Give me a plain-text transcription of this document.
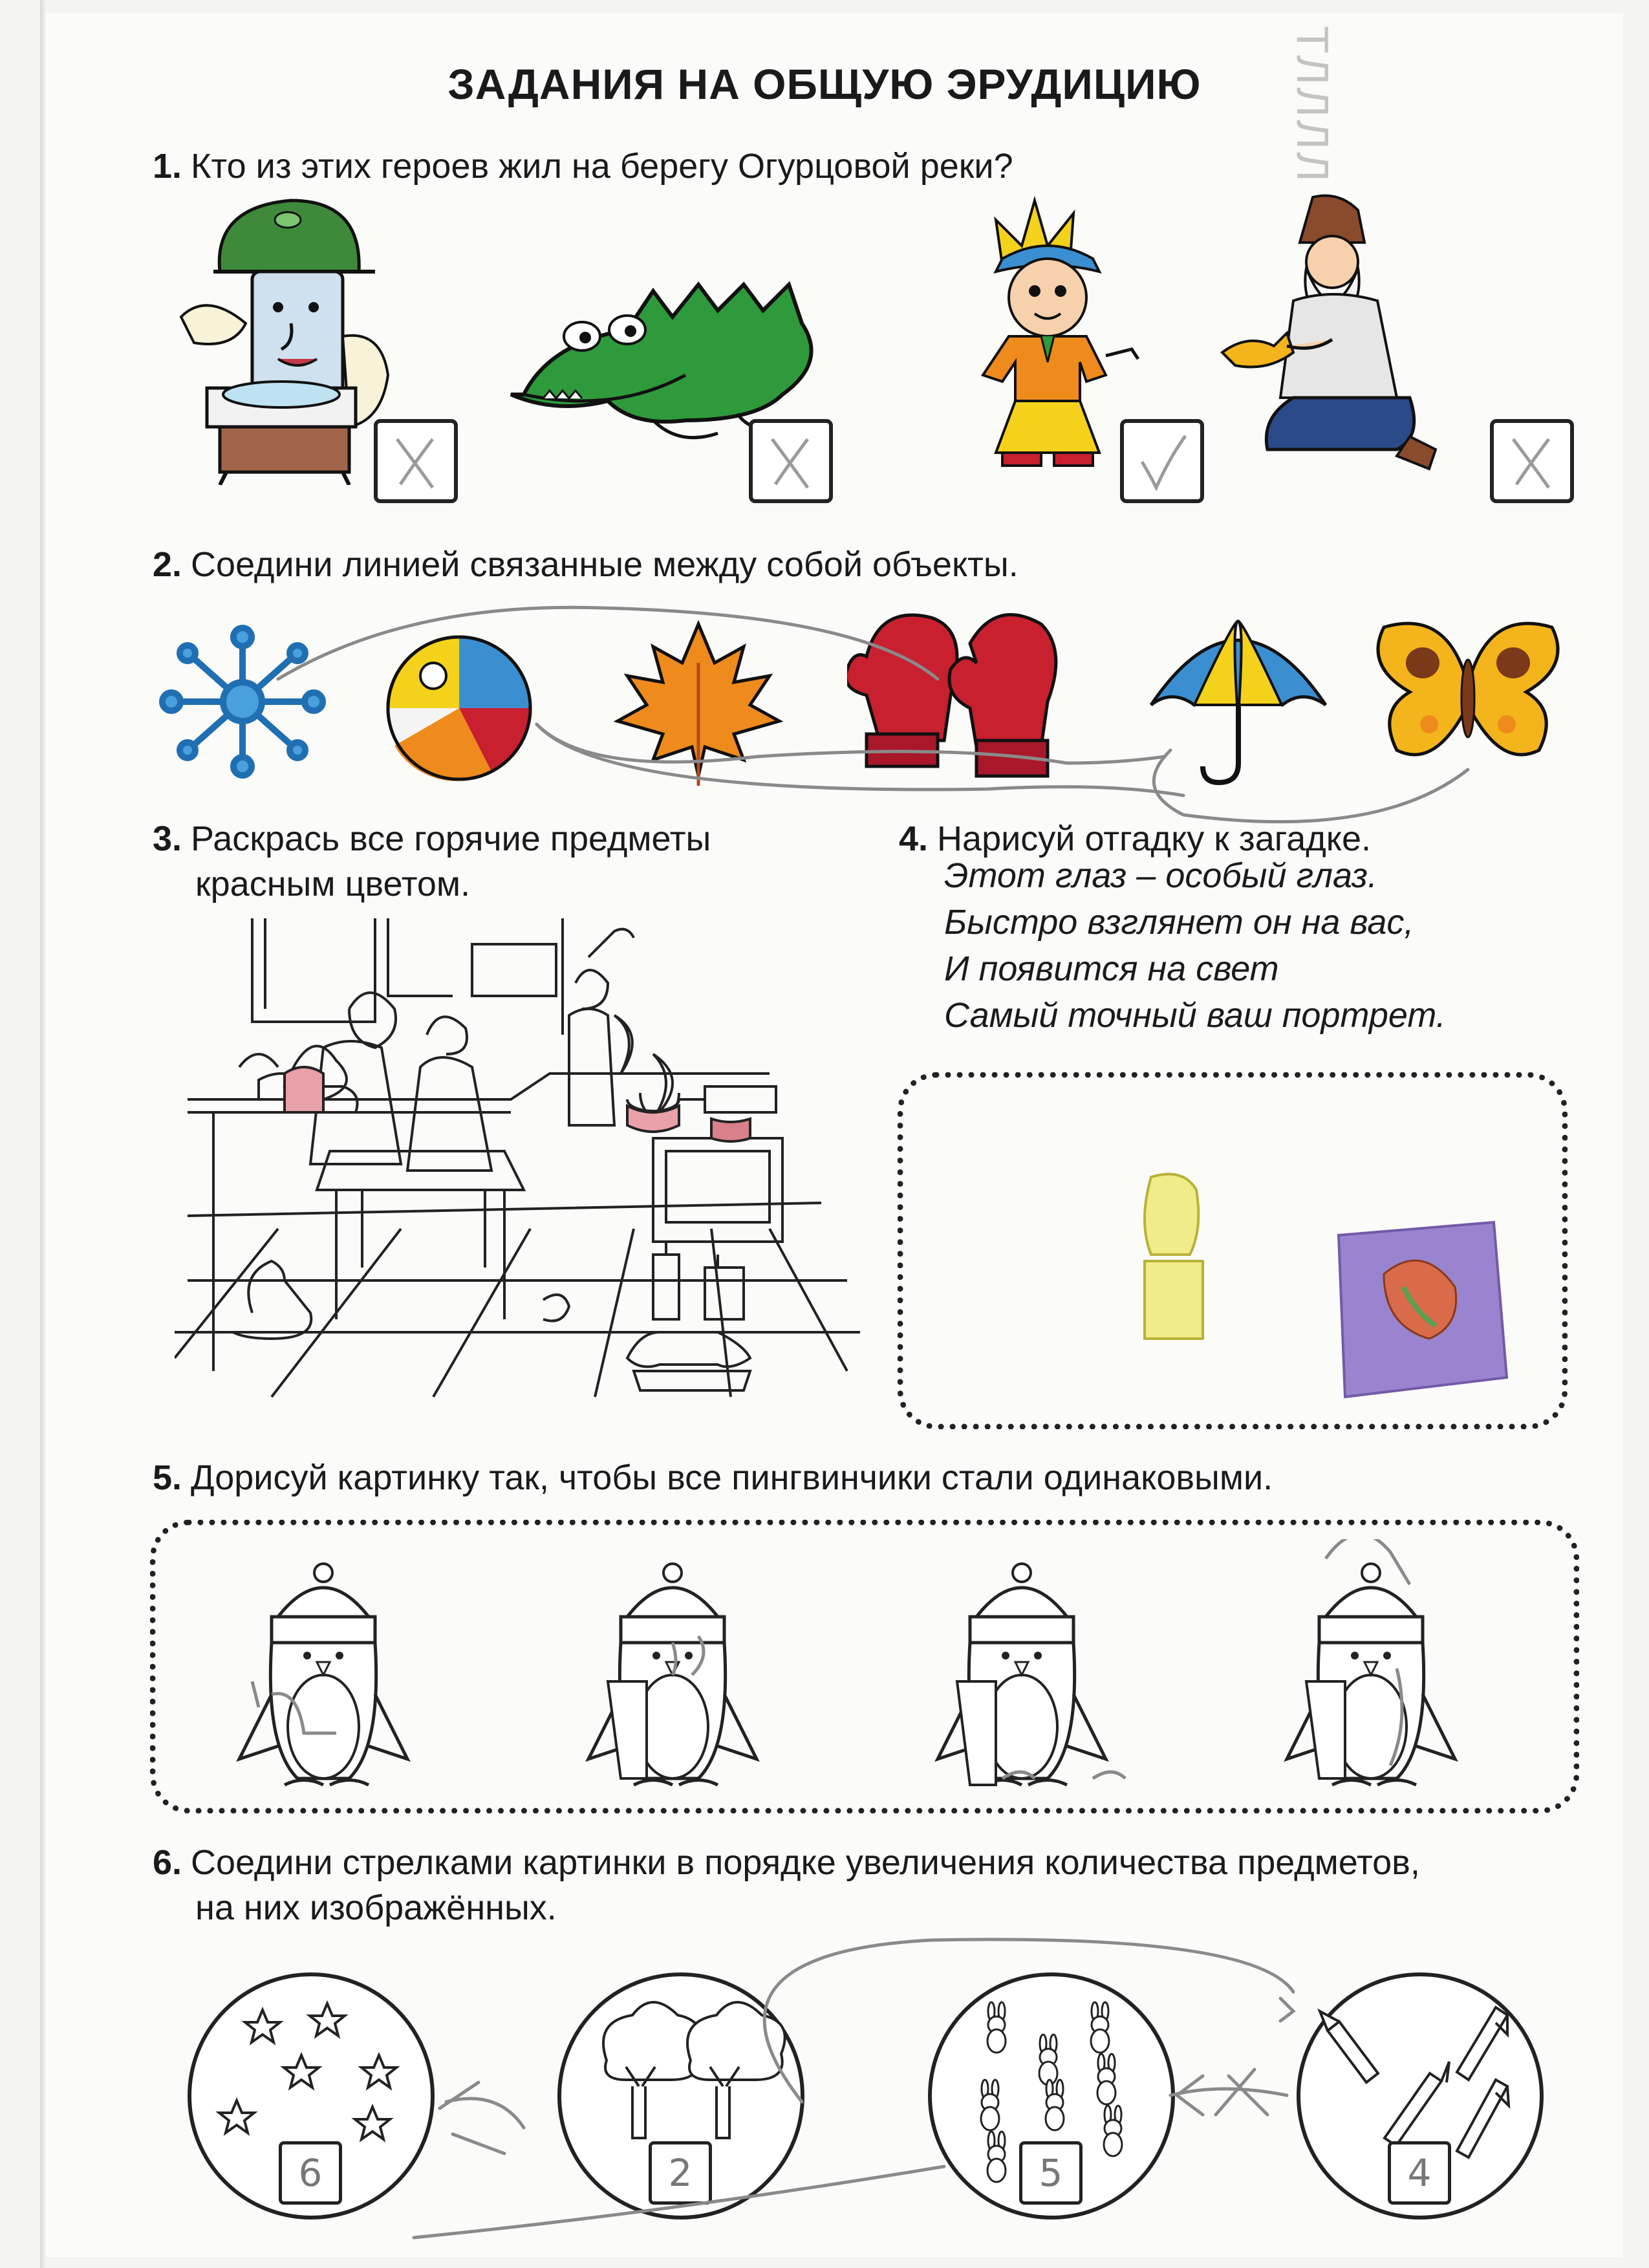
ТЛЛЛЛ
ЗАДАНИЯ НА ОБЩУЮ ЭРУДИЦИЮ
1. Кто из этих героев жил на берегу Огурцовой реки?
2. Соедини линией связанные между собой объекты.
3. Раскрась все горячие предметы
красным цветом.
4. Нарисуй отгадку к загадке.
Этот глаз – особый глаз.
Быстро взглянет он на вас,
И появится на свет
Самый точный ваш портрет.
5. Дорисуй картинку так, чтобы все пингвинчики стали одинаковыми.
6. Соедини стрелками картинки в порядке увеличения количества предметов,
на них изображённых.
6	2	5	4
